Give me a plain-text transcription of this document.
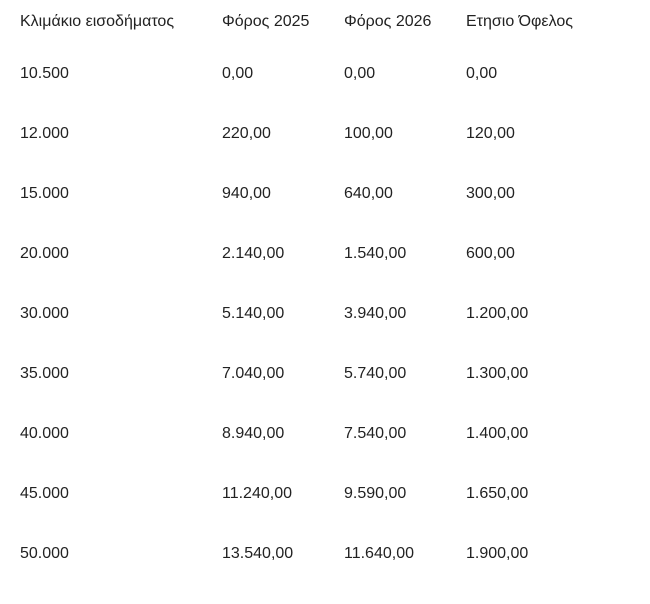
Κλιμάκιο εισοδήματος	Φόρος 2025	Φόρος 2026	Ετησιο Όφελος
10.500	0,00	0,00	0,00
12.000	220,00	100,00	120,00
15.000	940,00	640,00	300,00
20.000	2.140,00	1.540,00	600,00
30.000	5.140,00	3.940,00	1.200,00
35.000	7.040,00	5.740,00	1.300,00
40.000	8.940,00	7.540,00	1.400,00
45.000	11.240,00	9.590,00	1.650,00
50.000	13.540,00	11.640,00	1.900,00
